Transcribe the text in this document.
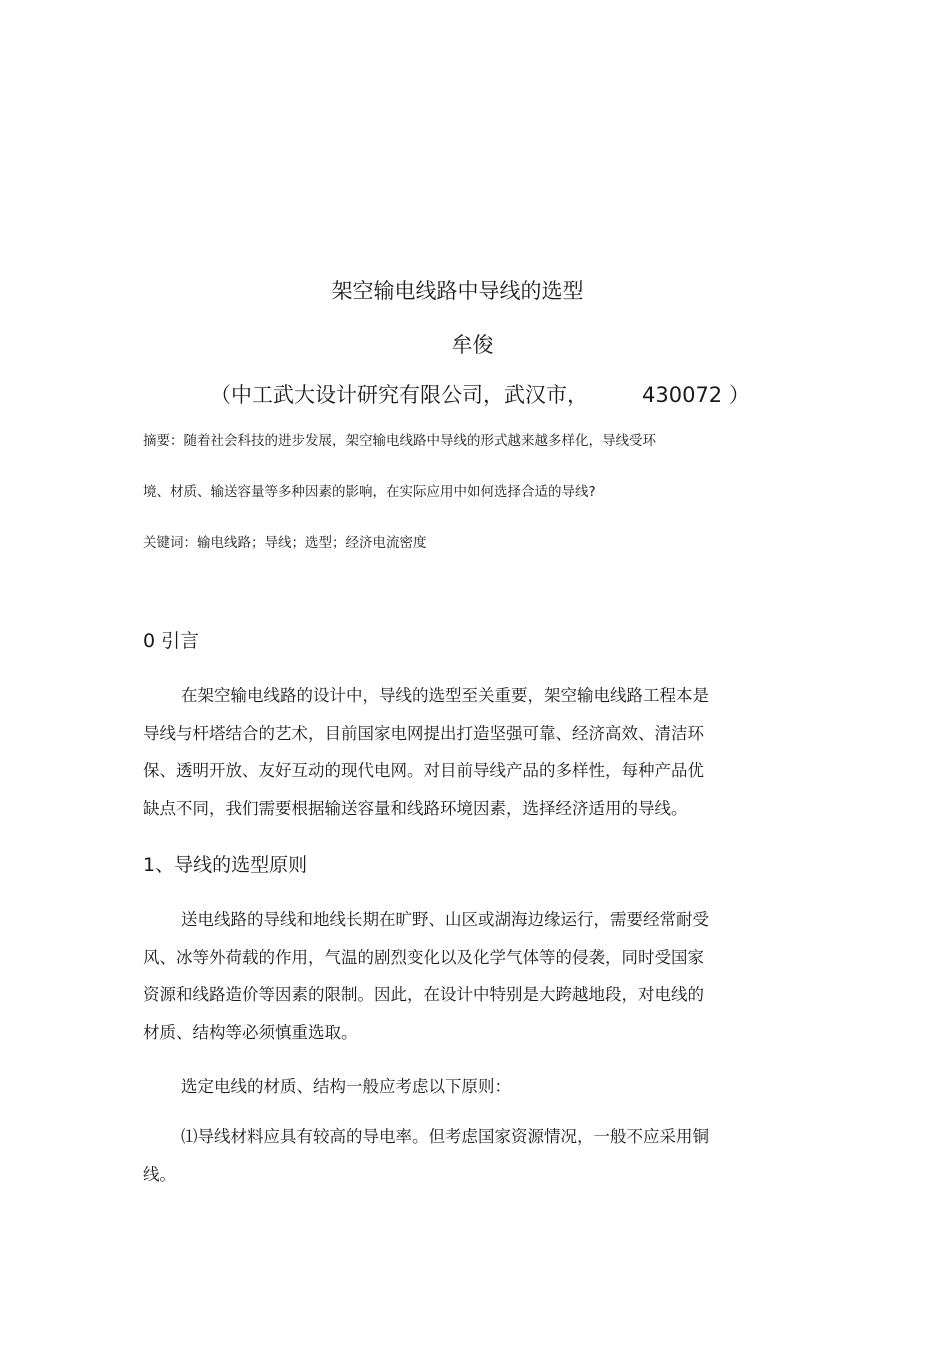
架空输电线路中导线的选型
牟俊
（中工武大设计研究有限公司，武汉市，	430072 ）
摘要：随着社会科技的进步发展，架空输电线路中导线的形式越来越多样化，导线受环
境、材质、输送容量等多种因素的影响，在实际应用中如何选择合适的导线?
关键词：输电线路；导线；选型；经济电流密度
0 引言
在架空输电线路的设计中，导线的选型至关重要，架空输电线路工程本是
导线与杆塔结合的艺术，目前国家电网提出打造坚强可靠、经济高效、清洁环
保、透明开放、友好互动的现代电网。对目前导线产品的多样性，每种产品优
缺点不同，我们需要根据输送容量和线路环境因素，选择经济适用的导线。
1、导线的选型原则
送电线路的导线和地线长期在旷野、山区或湖海边缘运行，需要经常耐受
风、冰等外荷载的作用，气温的剧烈变化以及化学气体等的侵袭，同时受国家
资源和线路造价等因素的限制。因此，在设计中特别是大跨越地段，对电线的
材质、结构等必须慎重选取。
选定电线的材质、结构一般应考虑以下原则：
⑴导线材料应具有较高的导电率。但考虑国家资源情况，一般不应采用铜
线。
